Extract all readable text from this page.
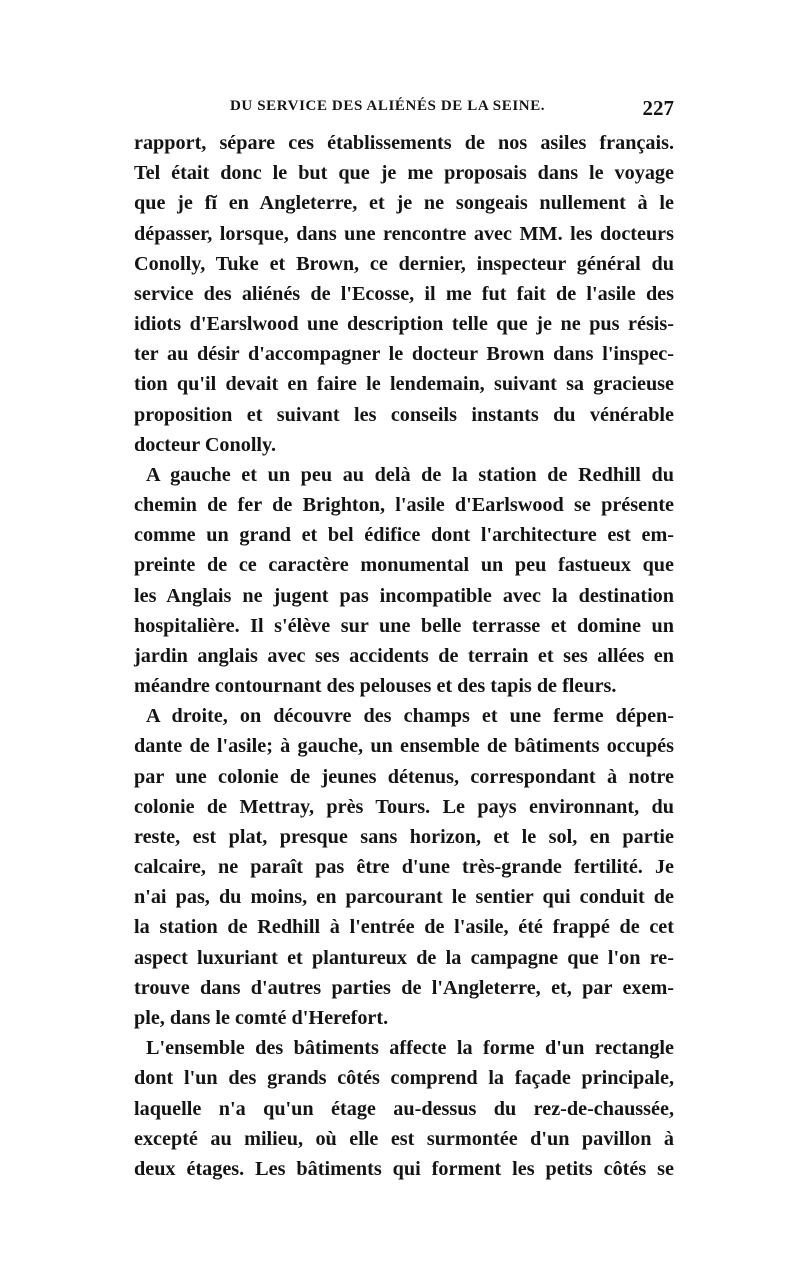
DU SERVICE DES ALIÉNÉS DE LA SEINE.	227
rapport, sépare ces établissements de nos asiles français.
Tel était donc le but que je me proposais dans le voyage
que je fĭ en Angleterre, et je ne songeais nullement à le
dépasser, lorsque, dans une rencontre avec MM. les docteurs
Conolly, Tuke et Brown, ce dernier, inspecteur général du
service des aliénés de l'Ecosse, il me fut fait de l'asile des
idiots d'Earslwood une description telle que je ne pus résis-
ter au désir d'accompagner le docteur Brown dans l'inspec-
tion qu'il devait en faire le lendemain, suivant sa gracieuse
proposition et suivant les conseils instants du vénérable
docteur Conolly.
A gauche et un peu au delà de la station de Redhill du
chemin de fer de Brighton, l'asile d'Earlswood se présente
comme un grand et bel édifice dont l'architecture est em-
preinte de ce caractère monumental un peu fastueux que
les Anglais ne jugent pas incompatible avec la destination
hospitalière. Il s'élève sur une belle terrasse et domine un
jardin anglais avec ses accidents de terrain et ses allées en
méandre contournant des pelouses et des tapis de fleurs.
A droite, on découvre des champs et une ferme dépen-
dante de l'asile; à gauche, un ensemble de bâtiments occupés
par une colonie de jeunes détenus, correspondant à notre
colonie de Mettray, près Tours. Le pays environnant, du
reste, est plat, presque sans horizon, et le sol, en partie
calcaire, ne paraît pas être d'une très-grande fertilité. Je
n'ai pas, du moins, en parcourant le sentier qui conduit de
la station de Redhill à l'entrée de l'asile, été frappé de cet
aspect luxuriant et plantureux de la campagne que l'on re-
trouve dans d'autres parties de l'Angleterre, et, par exem-
ple, dans le comté d'Herefort.
L'ensemble des bâtiments affecte la forme d'un rectangle
dont l'un des grands côtés comprend la façade principale,
laquelle n'a qu'un étage au-dessus du rez-de-chaussée,
excepté au milieu, où elle est surmontée d'un pavillon à
deux étages. Les bâtiments qui forment les petits côtés se
